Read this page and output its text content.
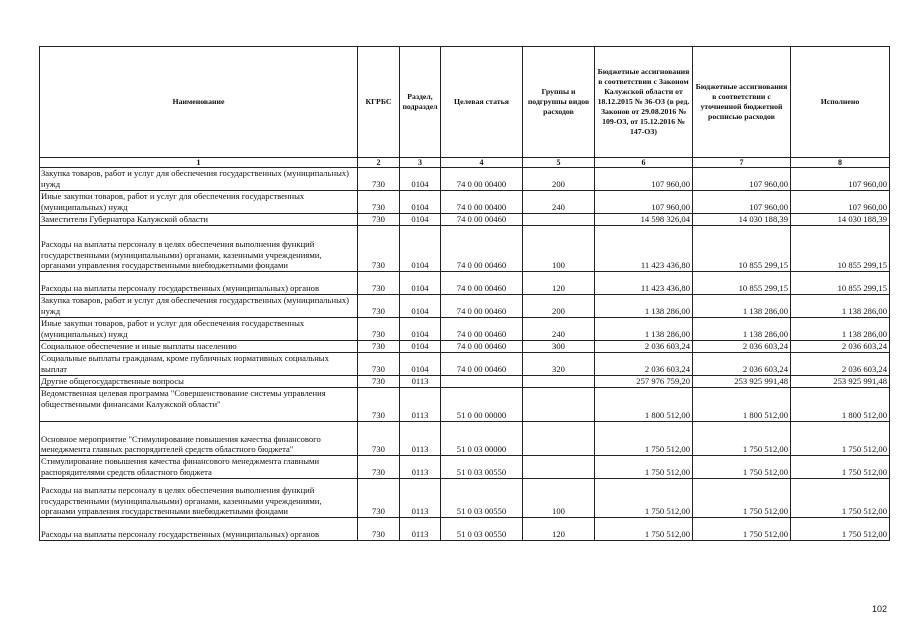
Наименование	КГРБС	Раздел, подраздел	Целевая статья	Группы и подгруппы видов расходов	Бюджетные ассигнования в соответствии с Законом Калужской области от 18.12.2015 № 36-ОЗ (в ред. Законов от 29.08.2016 № 109-ОЗ, от 15.12.2016 № 147-ОЗ)	Бюджетные ассигнования в соответствии с уточненной бюджетной росписью расходов	Исполнено
1	2	3	4	5	6	7	8
Закупка товаров, работ и услуг для обеспечения государственных (муниципальных) нужд	730	0104	74 0 00 00400	200	107 960,00	107 960,00	107 960,00
Иные закупки товаров, работ и услуг для обеспечения государственных (муниципальных) нужд	730	0104	74 0 00 00400	240	107 960,00	107 960,00	107 960,00
Заместители Губернатора Калужской области	730	0104	74 0 00 00460		14 598 326,04	14 030 188,39	14 030 188,39
Расходы на выплаты персоналу в целях обеспечения выполнения функций государственными (муниципальными) органами, казенными учреждениями, органами управления государственными внебюджетными фондами	730	0104	74 0 00 00460	100	11 423 436,80	10 855 299,15	10 855 299,15
Расходы на выплаты персоналу государственных (муниципальных) органов	730	0104	74 0 00 00460	120	11 423 436,80	10 855 299,15	10 855 299,15
Закупка товаров, работ и услуг для обеспечения государственных (муниципальных) нужд	730	0104	74 0 00 00460	200	1 138 286,00	1 138 286,00	1 138 286,00
Иные закупки товаров, работ и услуг для обеспечения государственных (муниципальных) нужд	730	0104	74 0 00 00460	240	1 138 286,00	1 138 286,00	1 138 286,00
Социальное обеспечение и иные выплаты населению	730	0104	74 0 00 00460	300	2 036 603,24	2 036 603,24	2 036 603,24
Социальные выплаты гражданам, кроме публичных нормативных социальных выплат	730	0104	74 0 00 00460	320	2 036 603,24	2 036 603,24	2 036 603,24
Другие общегосударственные вопросы	730	0113			257 976 759,20	253 925 991,48	253 925 991,48
Ведомственная целевая программа "Совершенствование системы управления общественными финансами Калужской области"	730	0113	51 0 00 00000		1 800 512,00	1 800 512,00	1 800 512,00
Основное мероприятие "Стимулирование повышения качества финансового менеджмента главных распорядителей средств областного бюджета"	730	0113	51 0 03 00000		1 750 512,00	1 750 512,00	1 750 512,00
Стимулирование повышения качества финансового менеджмента главными распорядителями средств областного бюджета	730	0113	51 0 03 00550		1 750 512,00	1 750 512,00	1 750 512,00
Расходы на выплаты персоналу в целях обеспечения выполнения функций государственными (муниципальными) органами, казенными учреждениями, органами управления государственными внебюджетными фондами	730	0113	51 0 03 00550	100	1 750 512,00	1 750 512,00	1 750 512,00
Расходы на выплаты персоналу государственных (муниципальных) органов	730	0113	51 0 03 00550	120	1 750 512,00	1 750 512,00	1 750 512,00
102
